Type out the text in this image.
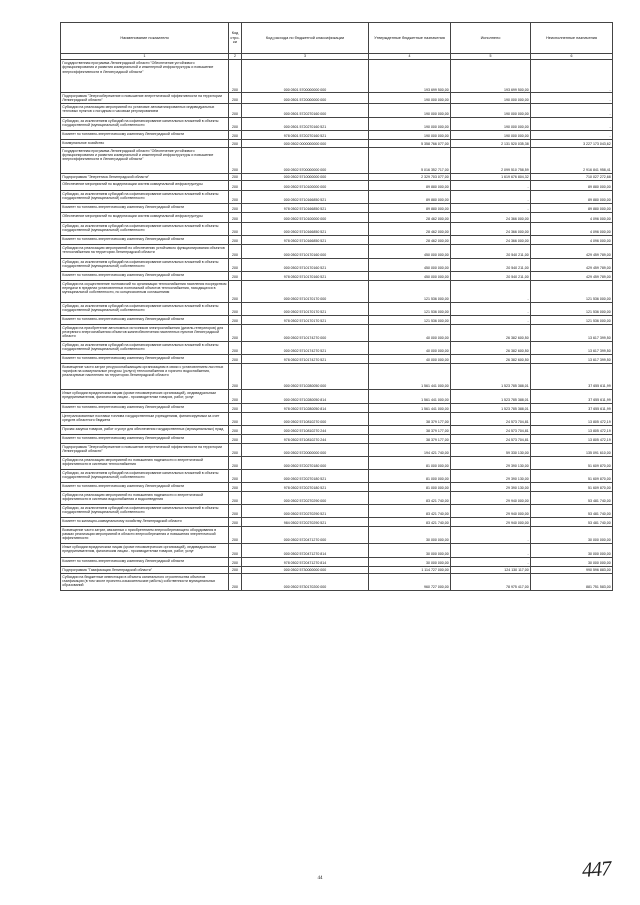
Наименование показателя	Код стро-ки	Код расхода по бюджетной классификации	Утвержденные бюджетные назначения	Исполнено	Неисполненные назначения
1	2	3	4	5	6
Государственная программа Ленинградской области "Обеспечение устойчивого функционирования и развития коммунальной и инженерной инфраструктуры и повышение энергоэффективности в Ленинградской области"	200	000 0501 5700000000 000	193 699 500,00	193 699 500,00	-
Подпрограмма "Энергосбережение и повышение энергетической эффективности на территории Ленинградской области"	200	000 0501 5720000000 000	190 000 000,00	190 000 000,00	-
Субсидии на реализацию мероприятий по установке автоматизированных индивидуальных тепловых пунктов с погодным и часовым регулированием	200	000 0501 5720270160 000	190 000 000,00	190 000 000,00	-
Субсидии, за исключением субсидий на софинансирование капитальных вложений в объекты государственной (муниципальной) собственности	200	000 0501 5720270160 521	190 000 000,00	190 000 000,00	-
Комитет по топливно-энергетическому комплексу Ленинградской области	200	978 0501 5720270160 521	190 000 000,00	190 000 000,00	-
Коммунальное хозяйство	200	000 0502 0000000000 000	5 358 766 077,00	2 131 520 035,38	3 227 173 043,62
Государственная программа Ленинградской области "Обеспечение устойчивого функционирования и развития коммунальной и инженерной инфраструктуры и повышение энергоэффективности в Ленинградской области"	200	000 0502 5700000000 000	5 016 352 717,00	2 099 510 758,59	2 916 841 958,41
Подпрограмма "Энергетика Ленинградской области"	200	000 0502 5710000000 000	2 329 703 077,00	1 619 676 804,32	710 027 272,68
Обеспечение мероприятий по модернизации систем коммунальной инфраструктуры	200	000 0502 5710100000 000	89 880 000,00	-	89 880 000,00
Субсидии, за исключением субсидий на софинансирование капитальных вложений в объекты государственной (муниципальной) собственности	200	000 0502 5710166850 521	89 880 000,00	-	89 880 000,00
Комитет по топливно-энергетическому комплексу Ленинградской области	200	978 0502 5710166850 521	89 880 000,00	-	89 880 000,00
Обеспечение мероприятий по модернизации систем коммунальной инфраструктуры	200	000 0502 5710100000 000	28 462 000,00	24 366 000,00	4 096 000,00
Субсидии, за исключением субсидий на софинансирование капитальных вложений в объекты государственной (муниципальной) собственности	200	000 0502 5710166850 521	28 462 000,00	24 366 000,00	4 096 000,00
Комитет по топливно-энергетическому комплексу Ленинградской области	200	978 0502 5710166850 521	28 462 000,00	24 366 000,00	4 096 000,00
Субсидии на реализацию мероприятий по обеспечению устойчивого функционирования объектов теплоснабжения на территории Ленинградской области	200	000 0502 5710170160 000	450 000 000,00	20 540 211,00	429 459 789,00
Субсидии, за исключением субсидий на софинансирование капитальных вложений в объекты государственной (муниципальной) собственности	200	000 0502 5710170160 521	450 000 000,00	20 540 211,00	429 459 789,00
Комитет по топливно-энергетическому комплексу Ленинградской области	200	978 0502 5710170160 521	450 000 000,00	20 540 211,00	429 459 789,00
Субсидии на осуществление полномочий по организации теплоснабжения населения посредством передачи в пределах установленных полномочий объектов теплоснабжения, находящихся в муниципальной собственности, по концессионным соглашениям	200	000 0502 5710170170 000	121 536 000,00	-	121 536 000,00
Субсидии, за исключением субсидий на софинансирование капитальных вложений в объекты государственной (муниципальной) собственности	200	000 0502 5710170170 521	121 536 000,00	-	121 536 000,00
Комитет по топливно-энергетическому комплексу Ленинградской области	200	978 0502 5710170170 521	121 536 000,00	-	121 536 000,00
Субсидии на приобретение автономных источников электроснабжения (дизель-генераторов) для резервного энергоснабжения объектов жизнеобеспечения населенных пунктов Ленинградской области	200	000 0502 5710174270 000	40 000 000,00	26 382 600,50	13 617 399,50
Субсидии, за исключением субсидий на софинансирование капитальных вложений в объекты государственной (муниципальной) собственности	200	000 0502 5710174270 521	40 000 000,00	26 382 600,50	13 617 399,50
Комитет по топливно-энергетическому комплексу Ленинградской области	200	978 0502 5710174270 521	40 000 000,00	26 382 600,50	13 617 399,50
Возмещение части затрат ресурсоснабжающим организациям в связи с установлением льготных тарифов на коммунальные ресурсы (услуги) теплоснабжения и горячего водоснабжения, реализуемые населению на территории Ленинградской области	200	000 0502 5710280050 000	1 561 441 000,00	1 523 785 388,01	37 655 611,99
Иные субсидии юридическим лицам (кроме некоммерческих организаций), индивидуальным предпринимателям, физическим лицам - производителям товаров, работ, услуг	200	000 0502 5710280050 814	1 561 441 000,00	1 523 785 388,01	37 655 611,99
Комитет по топливно-энергетическому комплексу Ленинградской области	200	978 0502 5710280050 814	1 561 441 000,00	1 523 785 388,01	37 655 611,99
Централизованные поставки топлива государственным учреждениям, финансируемым за счет средств областного бюджета	200	000 0502 5710810270 000	38 379 177,00	24 573 704,81	13 805 472,19
Прочая закупка товаров, работ и услуг для обеспечения государственных (муниципальных) нужд	200	000 0502 5710810270 244	38 379 177,00	24 573 704,81	13 805 472,19
Комитет по топливно-энергетическому комплексу Ленинградской области	200	978 0502 5710810270 244	38 379 177,00	24 573 704,81	13 805 472,19
Подпрограмма "Энергосбережение и повышение энергетической эффективности на территории Ленинградской области"	200	000 0502 5720000000 000	194 421 740,00	59 330 130,00	135 091 610,00
Субсидии на реализацию мероприятий по повышению надежности и энергетической эффективности в системах теплоснабжения	200	000 0502 5720270180 000	81 000 000,00	29 390 130,00	51 609 870,00
Субсидии, за исключением субсидий на софинансирование капитальных вложений в объекты государственной (муниципальной) собственности	200	000 0502 5720270180 521	81 000 000,00	29 390 130,00	51 609 870,00
Комитет по топливно-энергетическому комплексу Ленинградской области	200	978 0502 5720270180 521	81 000 000,00	29 390 130,00	51 609 870,00
Субсидии на реализацию мероприятий по повышению надежности и энергетической эффективности в системах водоснабжения и водоотведения	200	000 0502 5720270290 000	83 421 740,00	29 940 000,00	53 481 740,00
Субсидии, за исключением субсидий на софинансирование капитальных вложений в объекты государственной (муниципальной) собственности	200	000 0502 5720270290 521	83 421 740,00	29 940 000,00	53 481 740,00
Комитет по жилищно-коммунальному хозяйству Ленинградской области	200	984 0502 5720270290 521	83 421 740,00	29 940 000,00	53 481 740,00
Возмещение части затрат, связанных с приобретением энергосберегающего оборудования в рамках реализации мероприятий в области энергосбережения и повышения энергетической эффективности	200	000 0502 5720471270 000	30 000 000,00	-	30 000 000,00
Иные субсидии юридическим лицам (кроме некоммерческих организаций), индивидуальным предпринимателям, физическим лицам - производителям товаров, работ, услуг	200	000 0502 5720471270 814	30 000 000,00	-	30 000 000,00
Комитет по топливно-энергетическому комплексу Ленинградской области	200	978 0502 5720471270 814	30 000 000,00	-	30 000 000,00
Подпрограмма "Газификация Ленинградской области"	200	000 0502 5730000000 000	1 114 727 000,00	124 130 117,00	990 596 883,00
Субсидии на бюджетные инвестиции в объекты капитального строительства объектов газификации (в том числе проектно-изыскательские работы) собственности муниципальных образований	200	000 0502 5730170200 000	960 727 000,00	78 975 417,00	881 751 583,00
44	447
